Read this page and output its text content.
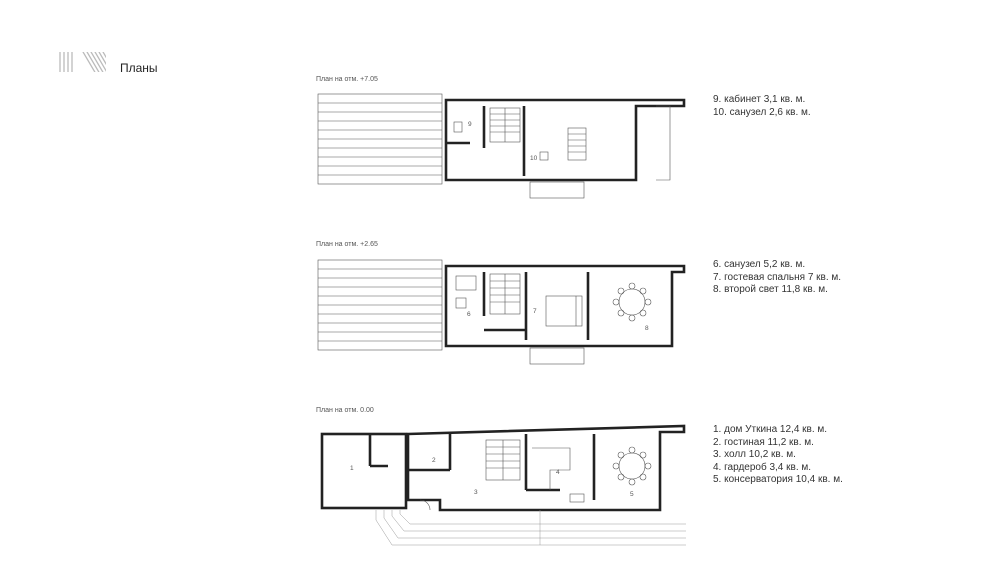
Планы
План на отм. +7.05
План на отм. +2.65
План на отм. 0.00
9. кабинет 3,1 кв. м.
10. санузел 2,6 кв. м.
6. санузел 5,2 кв. м.
7. гостевая спальня 7 кв. м.
8. второй свет 11,8 кв. м.
1. дом Уткина 12,4 кв. м.
2. гостиная 11,2 кв. м.
3. холл 10,2 кв. м.
4. гардероб 3,4 кв. м.
5. консерватория 10,4 кв. м.
9
10
6	7
8
1
2
3
4
5
